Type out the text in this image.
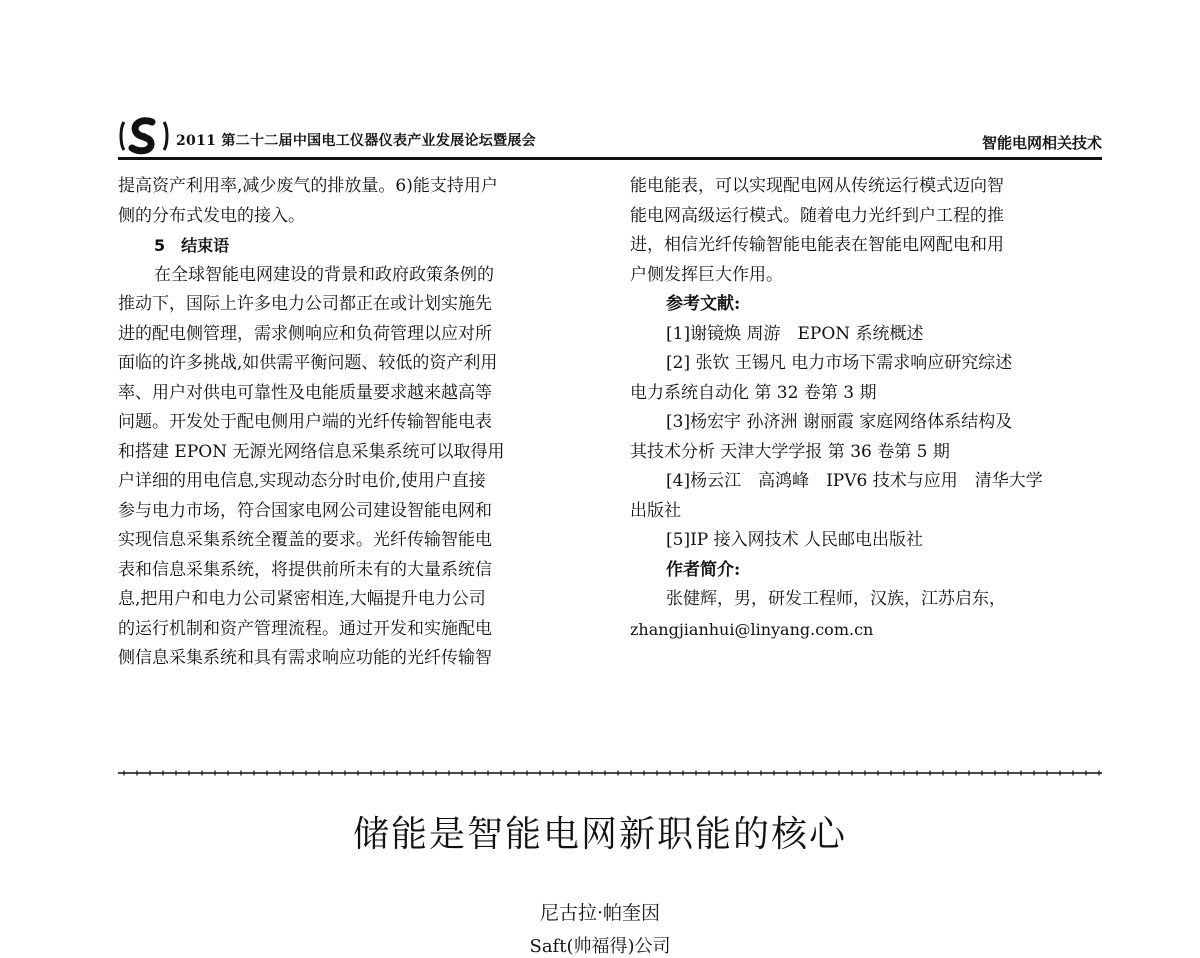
2011 第二十二届中国电工仪器仪表产业发展论坛暨展会	智能电网相关技术
提高资产利用率,减少废气的排放量。6)能支持用户
侧的分布式发电的接入。
5　结束语
在全球智能电网建设的背景和政府政策条例的
推动下，国际上许多电力公司都正在或计划实施先
进的配电侧管理，需求侧响应和负荷管理以应对所
面临的许多挑战,如供需平衡问题、较低的资产利用
率、用户对供电可靠性及电能质量要求越来越高等
问题。开发处于配电侧用户端的光纤传输智能电表
和搭建 EPON 无源光网络信息采集系统可以取得用
户详细的用电信息,实现动态分时电价,使用户直接
参与电力市场，符合国家电网公司建设智能电网和
实现信息采集系统全覆盖的要求。光纤传输智能电
表和信息采集系统，将提供前所未有的大量系统信
息,把用户和电力公司紧密相连,大幅提升电力公司
的运行机制和资产管理流程。通过开发和实施配电
侧信息采集系统和具有需求响应功能的光纤传输智
能电能表，可以实现配电网从传统运行模式迈向智
能电网高级运行模式。随着电力光纤到户工程的推
进，相信光纤传输智能电能表在智能电网配电和用
户侧发挥巨大作用。
参考文献:
[1]谢镜焕 周游　EPON 系统概述
[2] 张钦 王锡凡 电力市场下需求响应研究综述
电力系统自动化 第 32 卷第 3 期
[3]杨宏宇 孙济洲 谢丽霞 家庭网络体系结构及
其技术分析 天津大学学报 第 36 卷第 5 期
[4]杨云江　高鸿峰　IPV6 技术与应用　清华大学
出版社
[5]IP 接入网技术 人民邮电出版社
作者简介:
张健辉，男，研发工程师，汉族，江苏启东，
zhangjianhui@linyang.com.cn
储能是智能电网新职能的核心
尼古拉·帕奎因
Saft(帅福得)公司
